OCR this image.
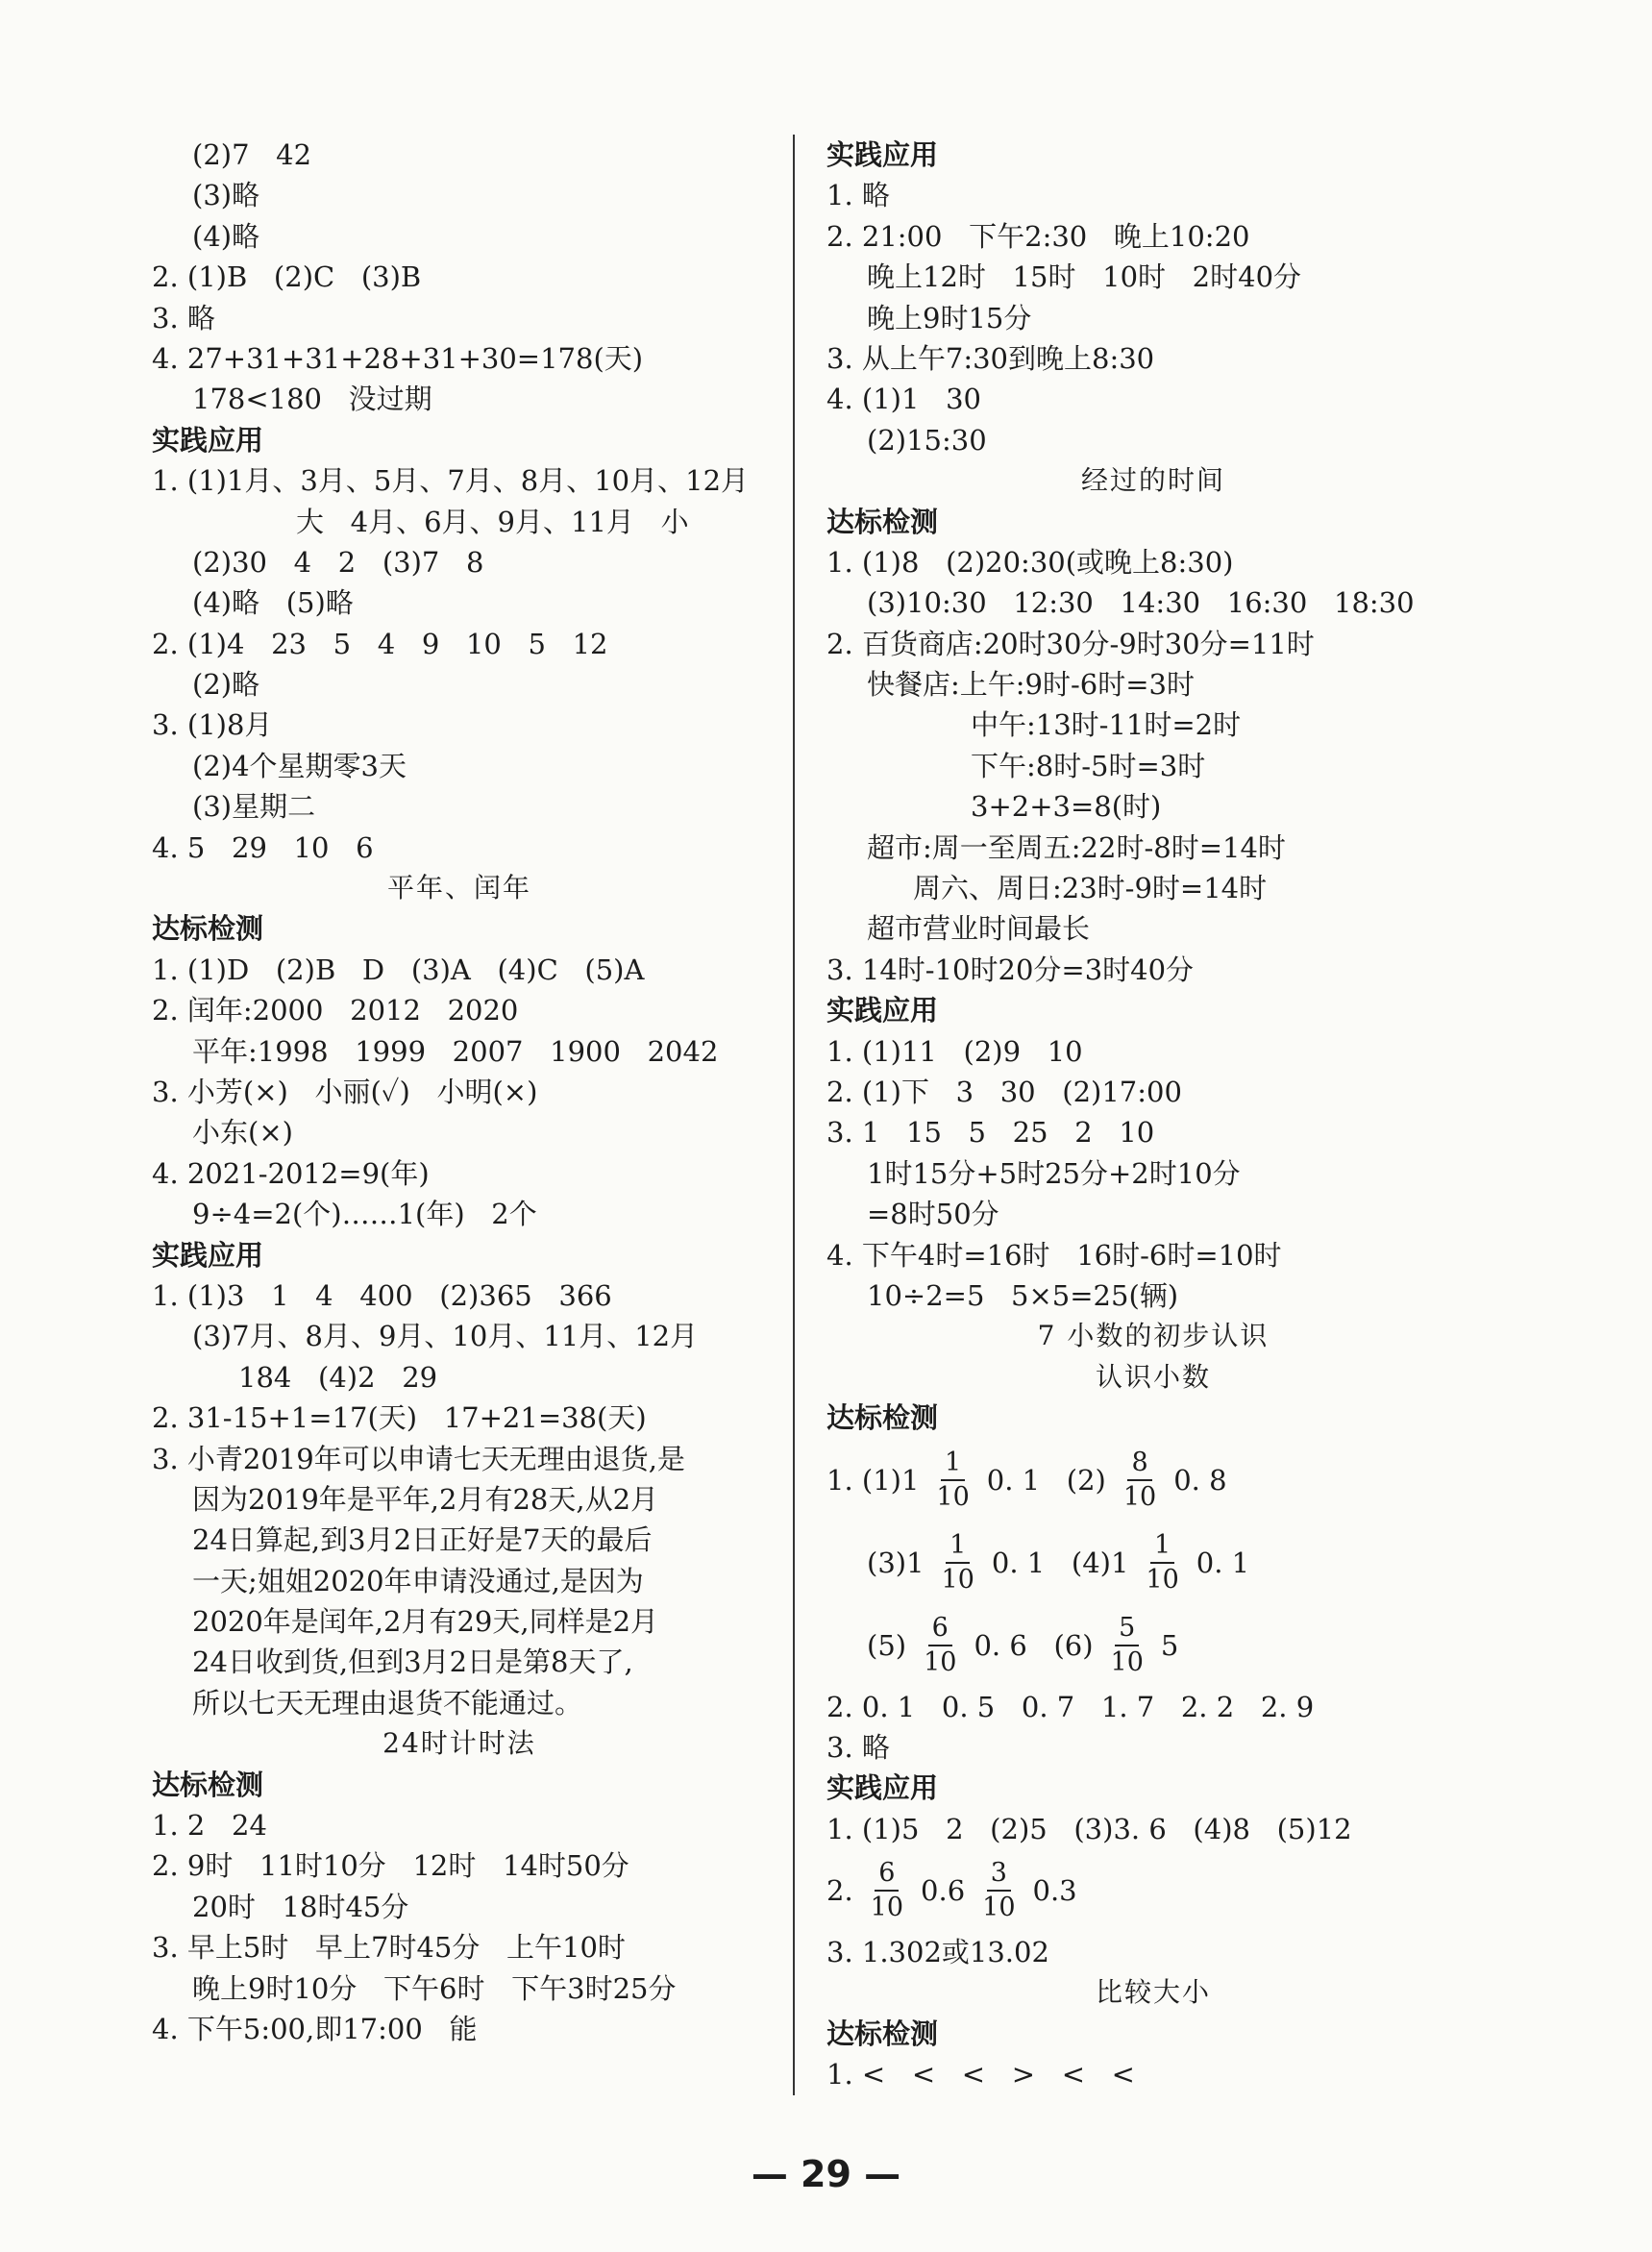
(2)7   42
(3)略
(4)略
2. (1)B   (2)C   (3)B
3. 略
4. 27+31+31+28+31+30=178(天)
178<180   没过期
实践应用
1. (1)1月、3月、5月、7月、8月、10月、12月
大   4月、6月、9月、11月   小
(2)30   4   2   (3)7   8
(4)略   (5)略
2. (1)4   23   5   4   9   10   5   12
(2)略
3. (1)8月
(2)4个星期零3天
(3)星期二
4. 5   29   10   6
平年、闰年
达标检测
1. (1)D   (2)B   D   (3)A   (4)C   (5)A
2. 闰年:2000   2012   2020
平年:1998   1999   2007   1900   2042
3. 小芳(×)   小丽(✓)   小明(×)
小东(×)
4. 2021-2012=9(年)
9÷4=2(个)……1(年)   2个
实践应用
1. (1)3   1   4   400   (2)365   366
(3)7月、8月、9月、10月、11月、12月
184   (4)2   29
2. 31-15+1=17(天)   17+21=38(天)
3. 小青2019年可以申请七天无理由退货,是
因为2019年是平年,2月有28天,从2月
24日算起,到3月2日正好是7天的最后
一天;姐姐2020年申请没通过,是因为
2020年是闰年,2月有29天,同样是2月
24日收到货,但到3月2日是第8天了,
所以七天无理由退货不能通过。
24时计时法
达标检测
1. 2   24
2. 9时   11时10分   12时   14时50分
20时   18时45分
3. 早上5时   早上7时45分   上午10时
晚上9时10分   下午6时   下午3时25分
4. 下午5:00,即17:00   能
实践应用
1. 略
2. 21:00   下午2:30   晚上10:20
晚上12时   15时   10时   2时40分
晚上9时15分
3. 从上午7:30到晚上8:30
4. (1)1   30
(2)15:30
经过的时间
达标检测
1. (1)8   (2)20:30(或晚上8:30)
(3)10:30   12:30   14:30   16:30   18:30
2. 百货商店:20时30分-9时30分=11时
快餐店:上午:9时-6时=3时
中午:13时-11时=2时
下午:8时-5时=3时
3+2+3=8(时)
超市:周一至周五:22时-8时=14时
周六、周日:23时-9时=14时
超市营业时间最长
3. 14时-10时20分=3时40分
实践应用
1. (1)11   (2)9   10
2. (1)下   3   30   (2)17:00
3. 1   15   5   25   2   10
1时15分+5时25分+2时10分
=8时50分
4. 下午4时=16时   16时-6时=10时
10÷2=5   5×5=25(辆)
7 小数的初步认识
认识小数
达标检测
1. $(1)1 \frac{1}{10} 0$. 1   $(2) \frac{8}{10} 0$. 8
$(3)1 \frac{1}{10} 0$. 1   $(4)1 \frac{1}{10} 0$. 1
$(5) \frac{6}{10} 0$. 6   $(6) \frac{5}{10} 5$
2. 0. 1   0. 5   0. 7   1. 7   2. 2   2. 9
3. 略
实践应用
1. (1)5   2   (2)5   (3)3. 6   (4)8   (5)12
2. $\frac{6}{10} 0.6 \frac{3}{10} 0.3$
3. 1.302或13.02
比较大小
达标检测
1. <   <   <   >   <   <
— 29 —
